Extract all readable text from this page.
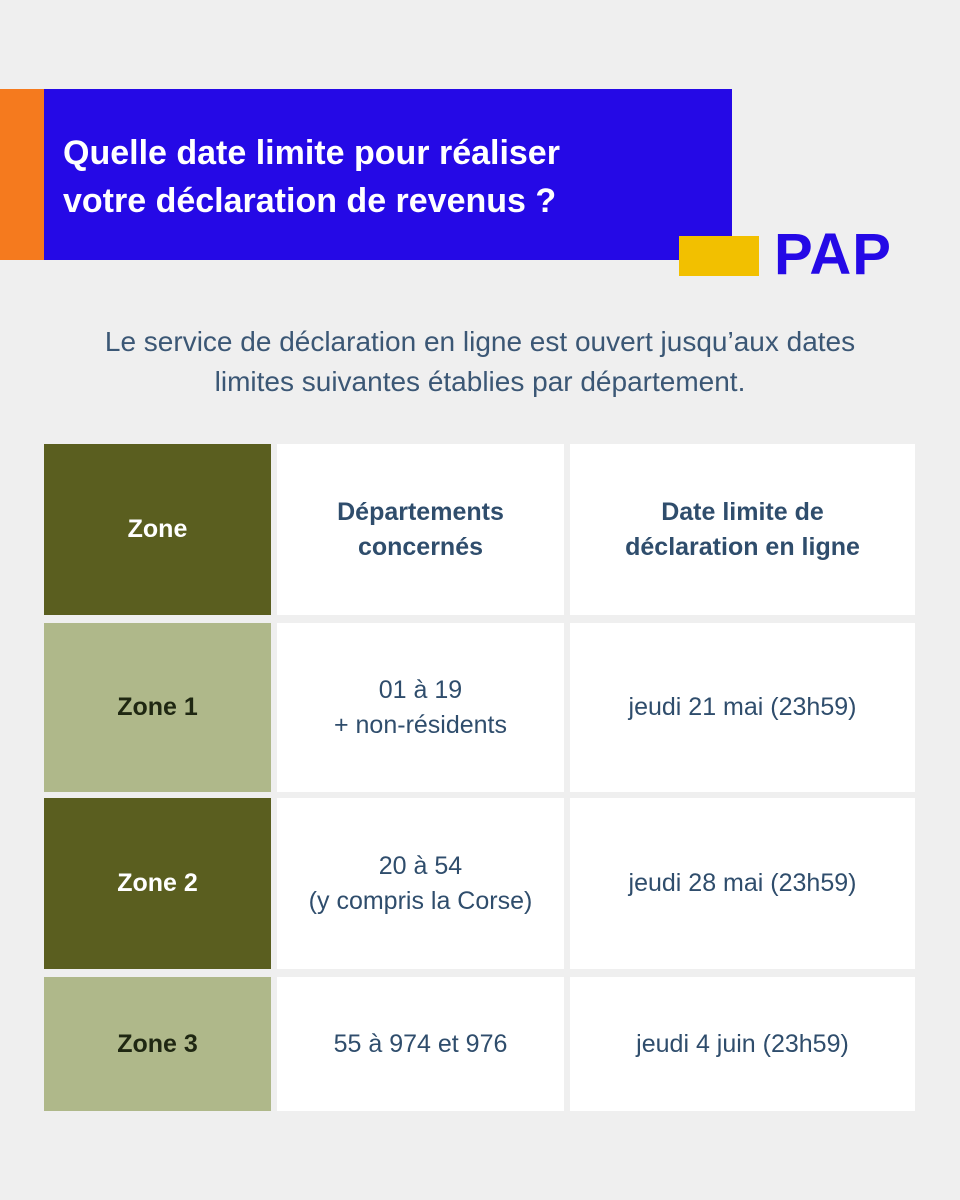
Quelle date limite pour réaliser
votre déclaration de revenus ?
PAP
Le service de déclaration en ligne est ouvert jusqu’aux dates
limites suivantes établies par département.
Zone
Départements
concernés
Date limite de
déclaration en ligne
Zone 1
01 à 19
+ non-résidents
jeudi 21 mai (23h59)
Zone 2
20 à 54
(y compris la Corse)
jeudi 28 mai (23h59)
Zone 3	55 à 974 et 976	jeudi 4 juin (23h59)
